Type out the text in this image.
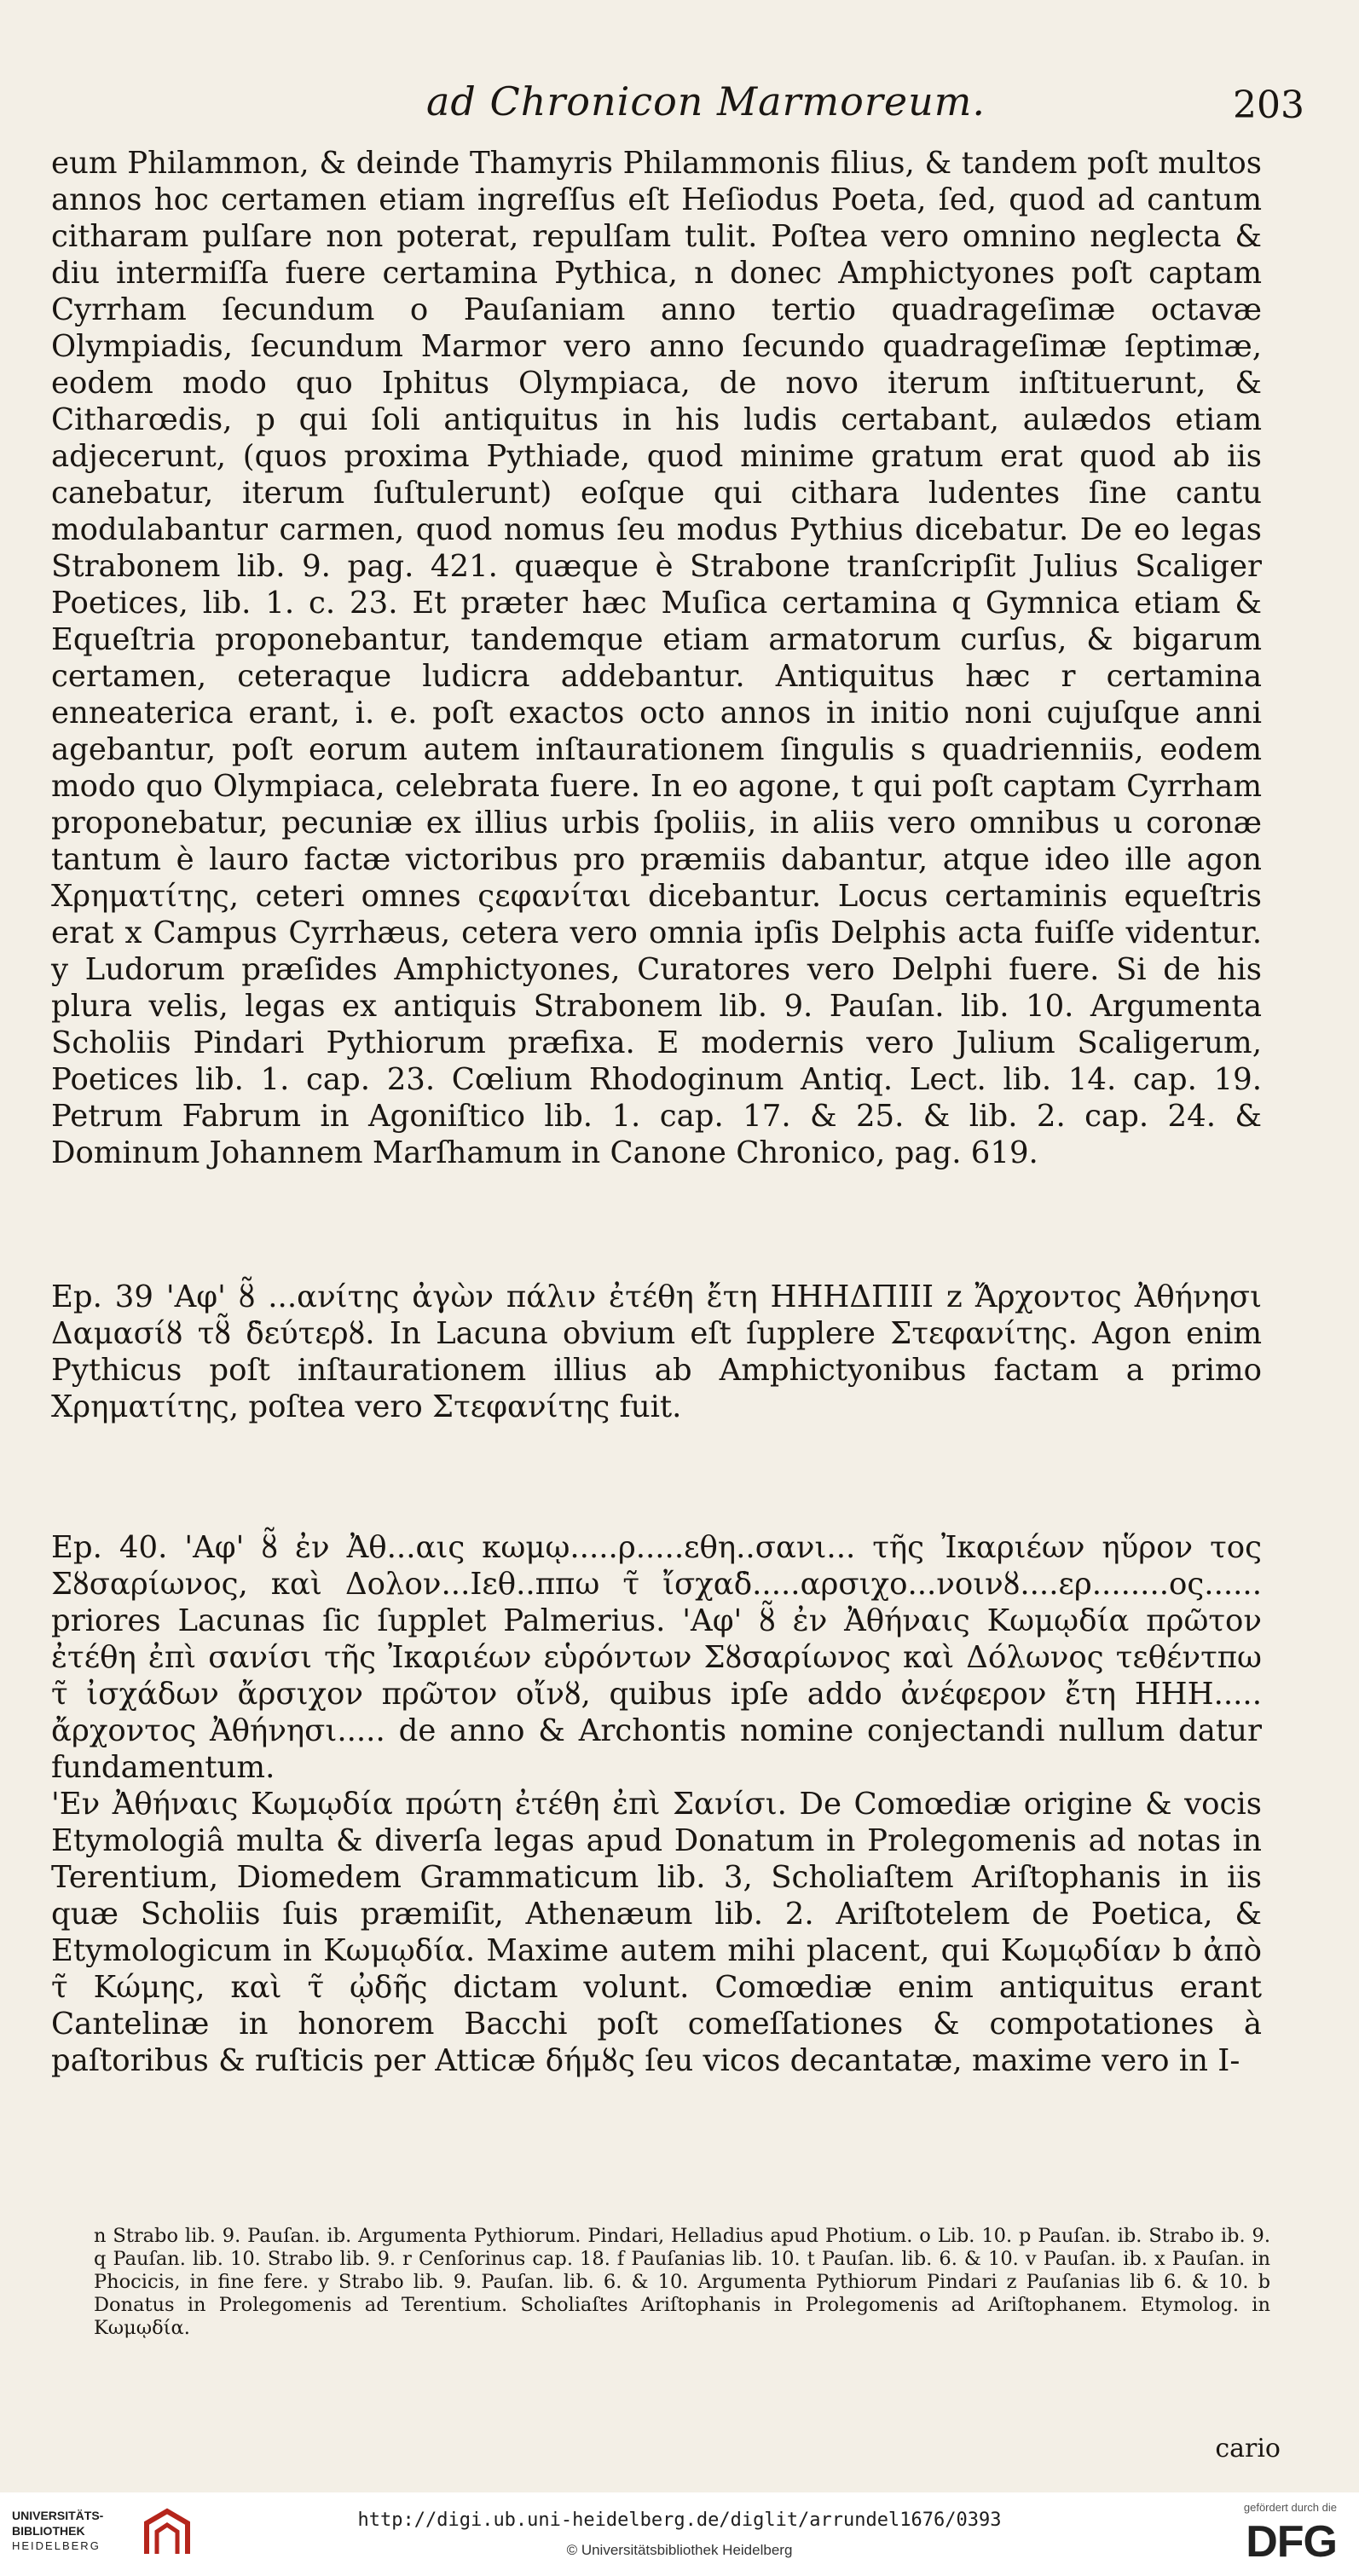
ad Chronicon Marmoreum.	203

eum Philammon, & deinde Thamyris Philammonis filius, & tandem poſt multos annos hoc certamen etiam ingreſſus eſt Heſiodus Poeta, ſed, quod ad cantum citharam pulſare non poterat, repulſam tulit. Poſtea vero omnino neglecta & diu intermiſſa fuere certamina Pythica, n donec Amphictyones poſt captam Cyrrham ſecundum o Pauſaniam anno tertio quadrageſimæ octavæ Olympiadis, ſecundum Marmor vero anno ſecundo quadrageſimæ ſeptimæ, eodem modo quo Iphitus Olympiaca, de novo iterum inſtituerunt, & Citharœdis, p qui ſoli antiquitus in his ludis certabant, aulædos etiam adjecerunt, (quos proxima Pythiade, quod minime gratum erat quod ab iis canebatur, iterum ſuſtulerunt) eoſque qui cithara ludentes ſine cantu modulabantur carmen, quod nomus ſeu modus Pythius dicebatur. De eo legas Strabonem lib. 9. pag. 421. quæque è Strabone tranſcripſit Julius Scaliger Poetices, lib. 1. c. 23. Et præter hæc Muſica certamina q Gymnica etiam & Equeſtria proponebantur, tandemque etiam armatorum curſus, & bigarum certamen, ceteraque ludicra addebantur. Antiquitus hæc r certamina enneaterica erant, i. e. poſt exactos octo annos in initio noni cujuſque anni agebantur, poſt eorum autem inſtaurationem ſingulis s quadrienniis, eodem modo quo Olympiaca, celebrata fuere. In eo agone, t qui poſt captam Cyrrham proponebatur, pecuniæ ex illius urbis ſpoliis, in aliis vero omnibus u coronæ tantum è lauro factæ victoribus pro præmiis dabantur, atque ideo ille agon Χρηματίτης, ceteri omnes ςεφανίται dicebantur. Locus certaminis equeſtris erat x Campus Cyrrhæus, cetera vero omnia ipſis Delphis acta fuiſſe videntur. y Ludorum præſides Amphictyones, Curatores vero Delphi fuere. Si de his plura velis, legas ex antiquis Strabonem lib. 9. Pauſan. lib. 10. Argumenta Scholiis Pindari Pythiorum præfixa. E modernis vero Julium Scaligerum, Poetices lib. 1. cap. 23. Cœlium Rhodoginum Antiq. Lect. lib. 14. cap. 19. Petrum Fabrum in Agoniſtico lib. 1. cap. 17. & 25. & lib. 2. cap. 24. & Dominum Johannem Marſhamum in Canone Chronico, pag. 619.

Ep. 39 'Αφ' ȣ̃ ...ανίτης ἀγὼν πάλιν ἐτέθη ἔτη ΗΗΗΔΠΙΙΙ z Ἄρχοντος Ἀθήνησι Δαμασίȣ τȣ̃ δ̇εύτερȣ. In Lacuna obvium eſt ſupplere Στεφανίτης. Agon enim Pythicus poſt inſtaurationem illius ab Amphictyonibus factam a primo Χρηματίτης, poſtea vero Στεφανίτης fuit.

Ep. 40. 'Αφ' ȣ̃ ἐν Ἀθ...αις κωμῳ.....ρ.....εθη..σανι... τῆς Ἰκαριέων ηὕρον τος Σȣσαρίωνος, καὶ Δολον...Ιεθ..ππω τ̃ ἴσχαδ̇.....αρσιχο...νοινȣ....ερ........ος...... priores Lacunas ſic ſupplet Palmerius. 'Αφ' ȣ̃ ἐν Ἀθήναις Κωμῳδία πρῶτον ἐτέθη ἐπὶ σανίσι τῆς Ἰκαριέων εὑρόντων Σȣσαρίωνος καὶ Δόλωνος τεθέντπω τ̃ ἰσχάδων ἄρσιχον πρῶτον οἴνȣ, quibus ipſe addo ἀνέφερον ἔτη ΗΗΗ..... ἄρχοντος Ἀθήνησι..... de anno & Archontis nomine conjectandi nullum datur fundamentum.

'Εν Ἀθήναις Κωμῳδία πρώτη ἐτέθη ἐπὶ Σανίσι. De Comœdiæ origine & vocis Etymologiâ multa & diverſa legas apud Donatum in Prolegomenis ad notas in Terentium, Diomedem Grammaticum lib. 3, Scholiaſtem Ariſtophanis in iis quæ Scholiis ſuis præmiſit, Athenæum lib. 2. Ariſtotelem de Poetica, & Etymologicum in Κωμῳδία. Maxime autem mihi placent, qui Κωμῳδίαν b ἀπὸ τ̃ Κώμης, καὶ τ̃ ᾠδῆς dictam volunt. Comœdiæ enim antiquitus erant Cantelinæ in honorem Bacchi poſt comeſſationes & compotationes à paſtoribus & ruſticis per Atticæ δήμȣς ſeu vicos decantatæ, maxime vero in I-

n Strabo lib. 9. Pauſan. ib. Argumenta Pythiorum. Pindari, Helladius apud Photium. o Lib. 10. p Pauſan. ib. Strabo ib. 9. q Pauſan. lib. 10. Strabo lib. 9. r Cenſorinus cap. 18. f Pauſanias lib. 10. t Pauſan. lib. 6. & 10. v Pauſan. ib. x Pauſan. in Phocicis, in fine fere. y Strabo lib. 9. Pauſan. lib. 6. & 10. Argumenta Pythiorum Pindari z Pauſanias lib 6. & 10. b Donatus in Prolegomenis ad Terentium. Scholiaſtes Ariſtophanis in Prolegomenis ad Ariſtophanem. Etymolog. in Κωμῳδία.

cario
UNIVERSITÄTS-
BIBLIOTHEK
HEIDELBERG
http://digi.ub.uni-heidelberg.de/diglit/arrundel1676/0393
© Universitätsbibliothek Heidelberg
gefördert durch die
DFG
